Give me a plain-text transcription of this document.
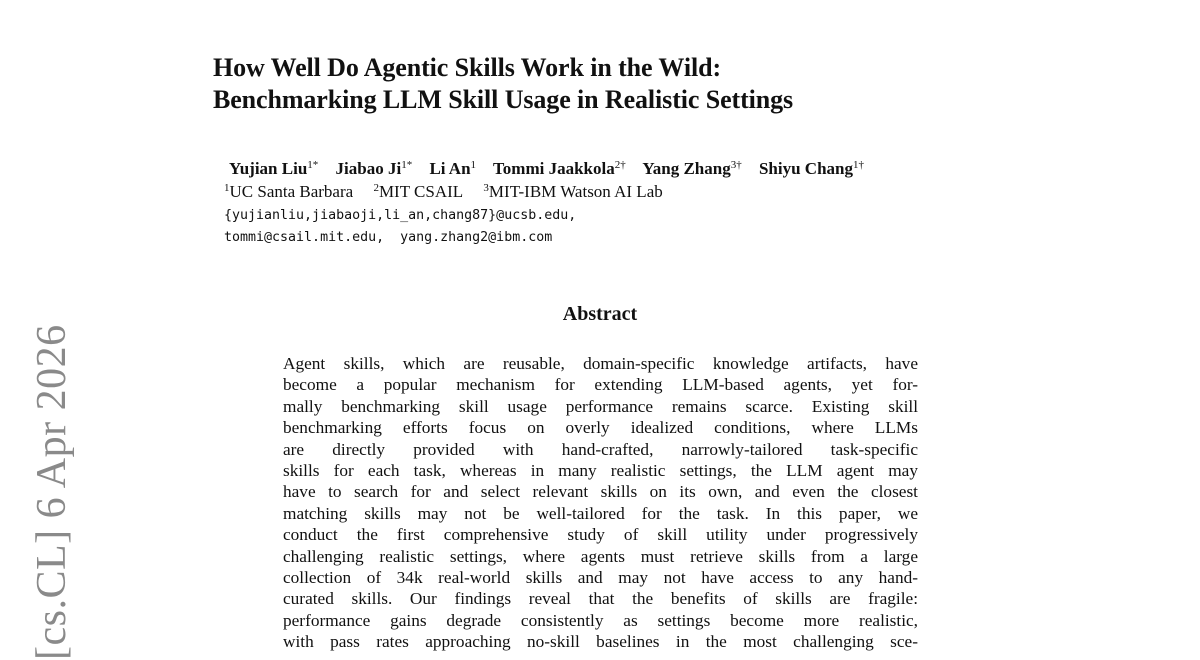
How Well Do Agentic Skills Work in the Wild:
Benchmarking LLM Skill Usage in Realistic Settings
Yujian Liu$^{1*}$ Jiabao $Ji^{1*}$ Li An$^1$ Tommi Jaakkola$^{2\dagger}$ Yang Zhang$^{3\dagger}$ Shiyu Chang$^{1\dagger}$
$^1$UC Santa Barbara $^2$MIT CSAIL $^3$MIT-IBM Watson AI Lab
{yujianliu,jiabaoji,li_an,chang87}@ucsb.edu,
tommi@csail.mit.edu,  yang.zhang2@ibm.com
Abstract
Agent skills, which are reusable, domain-specific knowledge artifacts, have
become a popular mechanism for extending LLM-based agents, yet for-
mally benchmarking skill usage performance remains scarce. Existing skill
benchmarking efforts focus on overly idealized conditions, where LLMs
are directly provided with hand-crafted, narrowly-tailored task-specific
skills for each task, whereas in many realistic settings, the LLM agent may
have to search for and select relevant skills on its own, and even the closest
matching skills may not be well-tailored for the task. In this paper, we
conduct the first comprehensive study of skill utility under progressively
challenging realistic settings, where agents must retrieve skills from a large
collection of 34k real-world skills and may not have access to any hand-
curated skills. Our findings reveal that the benefits of skills are fragile:
performance gains degrade consistently as settings become more realistic,
with pass rates approaching no-skill baselines in the most challenging sce-
[cs.CL] 6 Apr 2026
